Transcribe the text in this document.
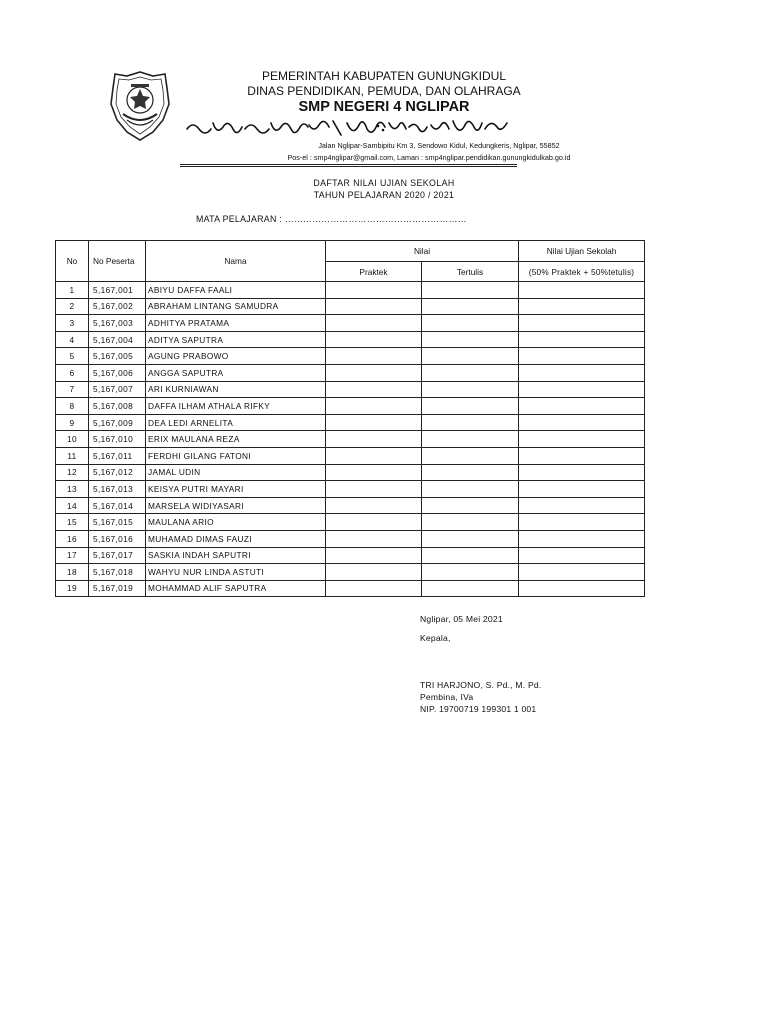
PEMERINTAH KABUPATEN GUNUNGKIDUL
DINAS PENDIDIKAN, PEMUDA, DAN OLAHRAGA
SMP NEGERI 4 NGLIPAR
Jalan Nglipar-Sambipitu Km 3, Sendowo Kidul, Kedungkeris, Nglipar, 55852
Pos-el : smp4nglipar@gmail.com, Laman : smp4nglipar.pendidikan.gunungkidulkab.go.id
DAFTAR NILAI UJIAN SEKOLAH
TAHUN PELAJARAN 2020 / 2021
MATA PELAJARAN : ……………………………………………………
No	No Peserta	Nama	Nilai		Nilai Ujian Sekolah
			Praktek	Tertulis	(50% Praktek + 50%tetulis)
1	5,167,001	ABIYU DAFFA FAALI			
2	5,167,002	ABRAHAM LINTANG SAMUDRA			
3	5,167,003	ADHITYA PRATAMA			
4	5,167,004	ADITYA SAPUTRA			
5	5,167,005	AGUNG PRABOWO			
6	5,167,006	ANGGA SAPUTRA			
7	5,167,007	ARI KURNIAWAN			
8	5,167,008	DAFFA ILHAM ATHALA RIFKY			
9	5,167,009	DEA LEDI ARNELITA			
10	5,167,010	ERIX MAULANA REZA			
11	5,167,011	FERDHI GILANG FATONI			
12	5,167,012	JAMAL UDIN			
13	5,167,013	KEISYA PUTRI MAYARI			
14	5,167,014	MARSELA WIDIYASARI			
15	5,167,015	MAULANA ARIO			
16	5,167,016	MUHAMAD DIMAS FAUZI			
17	5,167,017	SASKIA INDAH SAPUTRI			
18	5,167,018	WAHYU NUR LINDA ASTUTI			
19	5,167,019	MOHAMMAD ALIF SAPUTRA			
Nglipar, 05 Mei 2021
Kepala,
TRI HARJONO, S. Pd., M. Pd.
Pembina, IVa
NIP. 19700719 199301 1 001
